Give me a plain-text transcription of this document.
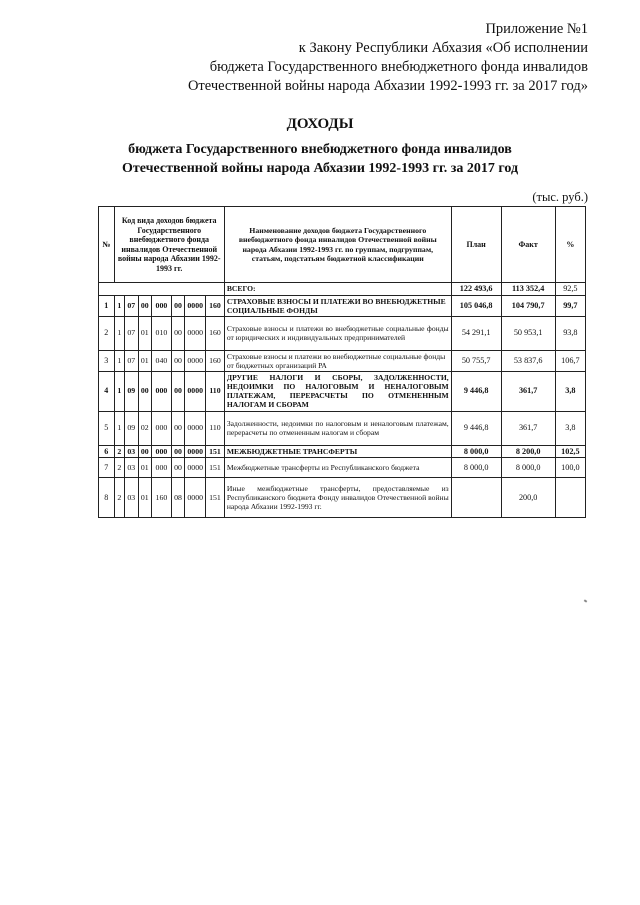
Приложение №1
к Закону Республики Абхазия «Об исполнении
бюджета Государственного внебюджетного фонда инвалидов
Отечественной войны народа Абхазии 1992-1993 гг. за 2017 год»
ДОХОДЫ
бюджета Государственного внебюджетного фонда инвалидов
Отечественной войны народа Абхазии 1992-1993 гг. за 2017 год
(тыс. руб.)
№	Код вида доходов бюджета Государственного внебюджетного фонда инвалидов Отечественной войны народа Абхазии 1992-1993 гг.							Наименование доходов бюджета Государственного внебюджетного фонда инвалидов Отечественной войны народа Абхазии 1992-1993 гг. по группам, подгруппам, статьям, подстатьям бюджетной классификации	План	Факт	%
								ВСЕГО:	122 493,6	113 352,4	92,5
1	1	07	00	000	00	0000	160	СТРАХОВЫЕ ВЗНОСЫ И ПЛАТЕЖИ ВО ВНЕБЮДЖЕТНЫЕ СОЦИАЛЬНЫЕ ФОНДЫ	105 046,8	104 790,7	99,7
2	1	07	01	010	00	0000	160	Страховые взносы и платежи во внебюджетные социальные фонды от юридических и индивидуальных предпринимателей	54 291,1	50 953,1	93,8
3	1	07	01	040	00	0000	160	Страховые взносы и платежи во внебюджетные социальные фонды от бюджетных организаций РА	50 755,7	53 837,6	106,7
4	1	09	00	000	00	0000	110	ДРУГИЕ НАЛОГИ И СБОРЫ, ЗАДОЛЖЕННОСТИ, НЕДОИМКИ ПО НАЛОГОВЫМ И НЕНАЛОГОВЫМ ПЛАТЕЖАМ, ПЕРЕРАСЧЕТЫ ПО ОТМЕНЕННЫМ НАЛОГАМ И СБОРАМ	9 446,8	361,7	3,8
5	1	09	02	000	00	0000	110	Задолженности, недоимки по налоговым и неналоговым платежам, перерасчеты по отмененным налогам и сборам	9 446,8	361,7	3,8
6	2	03	00	000	00	0000	151	МЕЖБЮДЖЕТНЫЕ ТРАНСФЕРТЫ	8 000,0	8 200,0	102,5
7	2	03	01	000	00	0000	151	Межбюджетные трансферты из Республиканского бюджета	8 000,0	8 000,0	100,0
8	2	03	01	160	08	0000	151	Иные межбюджетные трансферты, предоставляемые из Республиканского бюджета Фонду инвалидов Отечественной войны народа Абхазии 1992-1993 гг.		200,0	
